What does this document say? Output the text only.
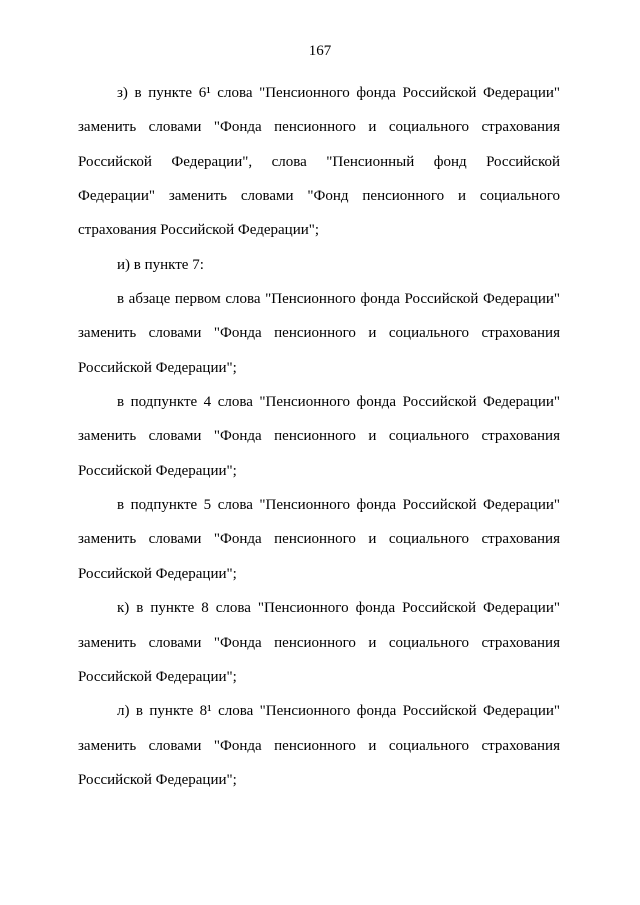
167
з) в пункте 6¹ слова "Пенсионного фонда Российской Федерации"
заменить словами "Фонда пенсионного и социального страхования
Российской Федерации", слова "Пенсионный фонд Российской
Федерации" заменить словами "Фонд пенсионного и социального
страхования Российской Федерации";
и) в пункте 7:
в абзаце первом слова "Пенсионного фонда Российской Федерации"
заменить словами "Фонда пенсионного и социального страхования
Российской Федерации";
в подпункте 4 слова "Пенсионного фонда Российской Федерации"
заменить словами "Фонда пенсионного и социального страхования
Российской Федерации";
в подпункте 5 слова "Пенсионного фонда Российской Федерации"
заменить словами "Фонда пенсионного и социального страхования
Российской Федерации";
к) в пункте 8 слова "Пенсионного фонда Российской Федерации"
заменить словами "Фонда пенсионного и социального страхования
Российской Федерации";
л) в пункте 8¹ слова "Пенсионного фонда Российской Федерации"
заменить словами "Фонда пенсионного и социального страхования
Российской Федерации";
